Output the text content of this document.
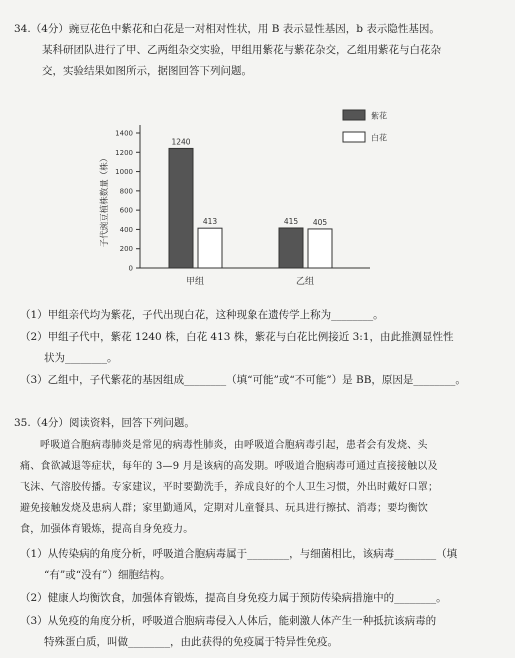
34.（4分）豌豆花色中紫花和白花是一对相对性状，用 B 表示显性基因，b 表示隐性基因。
某科研团队进行了甲、乙两组杂交实验，甲组用紫花与紫花杂交，乙组用紫花与白花杂
交，实验结果如图所示，据图回答下列问题。
0
200
400
600
800
1000
1200
1400
子代豌豆植株数量（株）
甲组	乙组
1240
413	415 405
紫花
白花
（1）甲组亲代均为紫花，子代出现白花，这种现象在遗传学上称为________。
（2）甲组子代中，紫花 1240 株，白花 413 株，紫花与白花比例接近 3:1，由此推测显性性
状为________。
（3）乙组中，子代紫花的基因组成________（填“可能”或“不可能”）是 BB，原因是________。
35.（4分）阅读资料，回答下列问题。
呼吸道合胞病毒肺炎是常见的病毒性肺炎，由呼吸道合胞病毒引起，患者会有发烧、头
痛、食欲减退等症状，每年的 3—9 月是该病的高发期。呼吸道合胞病毒可通过直接接触以及
飞沫、气溶胶传播。专家建议，平时要勤洗手，养成良好的个人卫生习惯，外出时戴好口罩；
避免接触发烧及患病人群；家里勤通风，定期对儿童餐具、玩具进行擦拭、消毒；要均衡饮
食，加强体育锻炼，提高自身免疫力。
（1）从传染病的角度分析，呼吸道合胞病毒属于________，与细菌相比，该病毒________（填
“有”或“没有”）细胞结构。
（2）健康人均衡饮食，加强体育锻炼，提高自身免疫力属于预防传染病措施中的________。
（3）从免疫的角度分析，呼吸道合胞病毒侵入人体后，能刺激人体产生一种抵抗该病毒的
特殊蛋白质，叫做________，由此获得的免疫属于特异性免疫。
